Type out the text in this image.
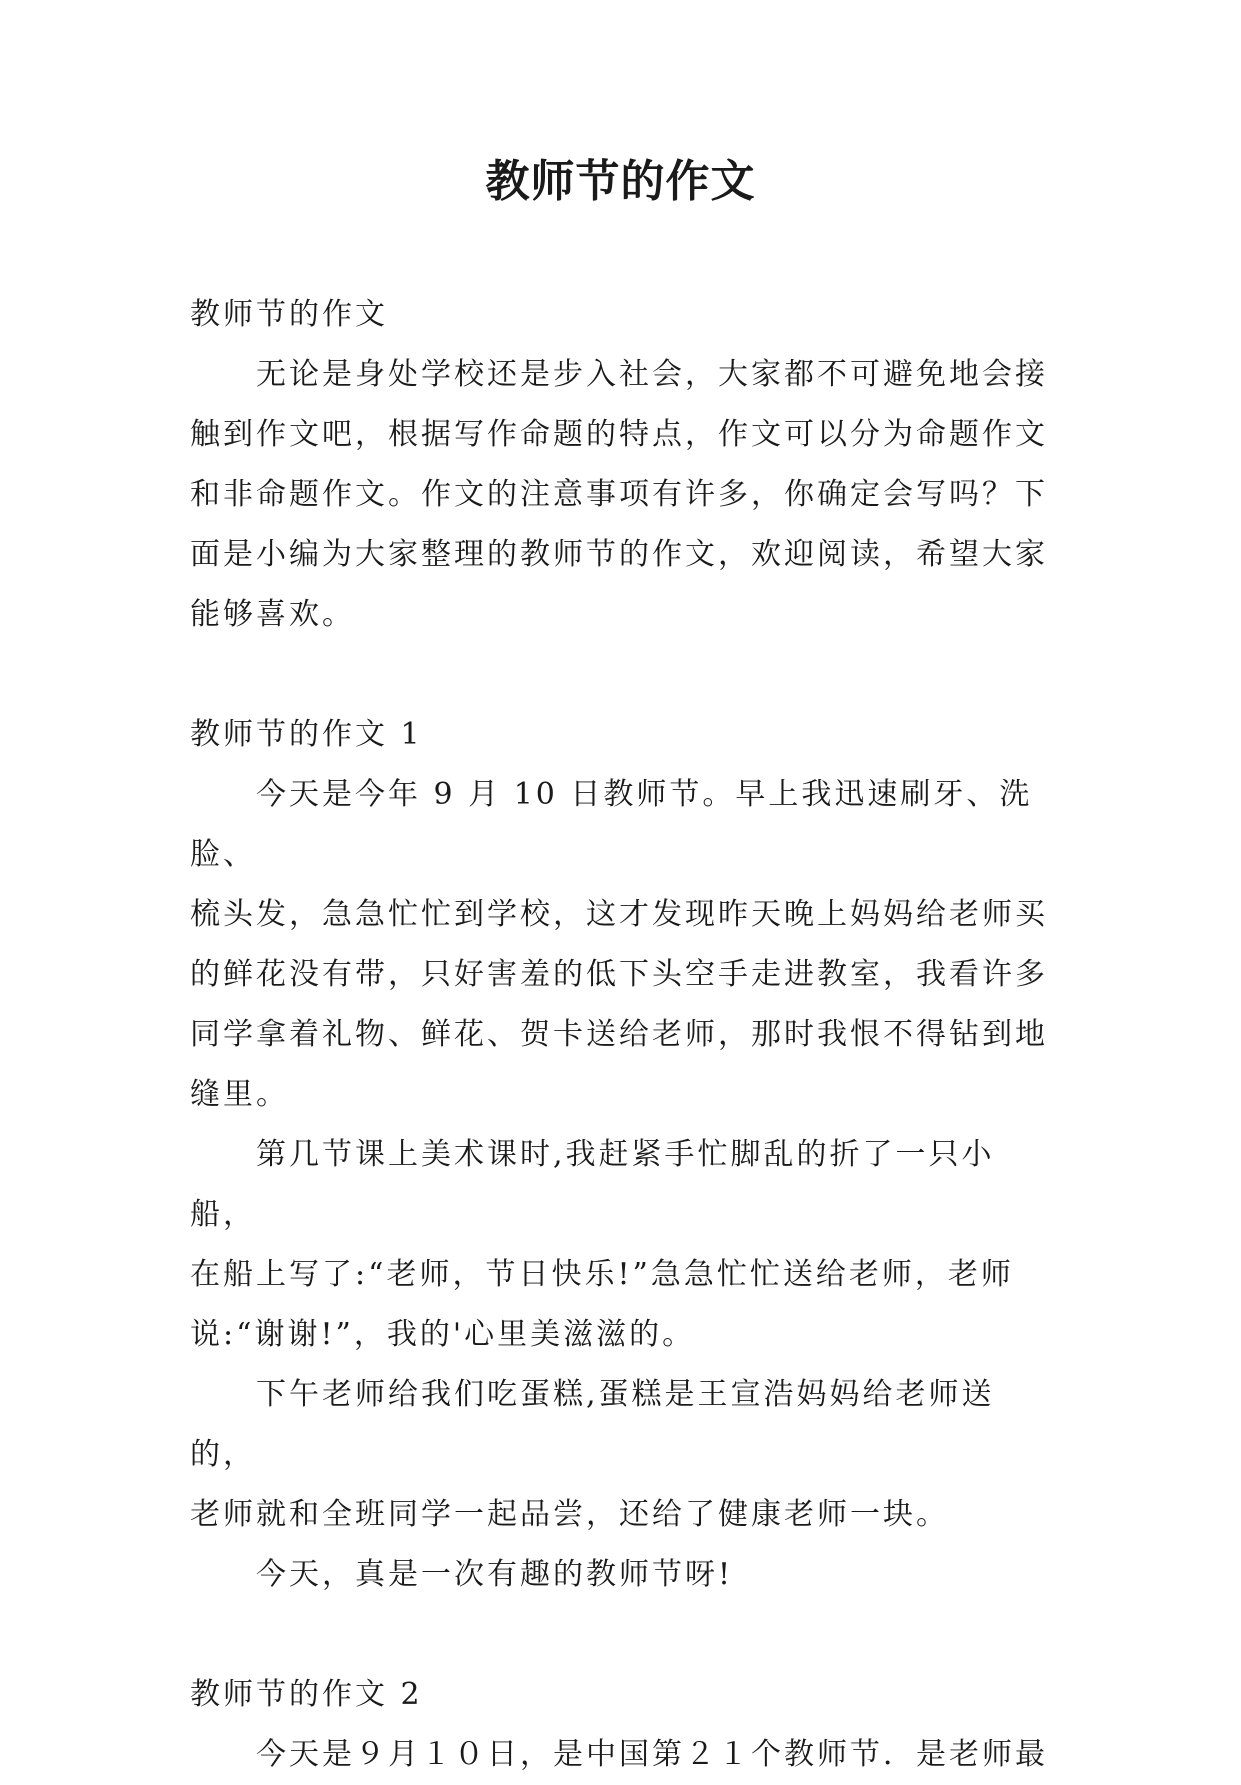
教师节的作文
教师节的作文

无论是身处学校还是步入社会，大家都不可避免地会接
触到作文吧，根据写作命题的特点，作文可以分为命题作文
和非命题作文。作文的注意事项有许多，你确定会写吗？下
面是小编为大家整理的教师节的作文，欢迎阅读，希望大家
能够喜欢。

教师节的作文 1

今天是今年 9 月 10 日教师节。早上我迅速刷牙、洗脸、
梳头发，急急忙忙到学校，这才发现昨天晚上妈妈给老师买
的鲜花没有带，只好害羞的低下头空手走进教室，我看许多
同学拿着礼物、鲜花、贺卡送给老师，那时我恨不得钻到地
缝里。

第几节课上美术课时,我赶紧手忙脚乱的折了一只小船，
在船上写了:“老师，节日快乐!”急急忙忙送给老师，老师
说:“谢谢!”，我的'心里美滋滋的。

下午老师给我们吃蛋糕,蛋糕是王宣浩妈妈给老师送的，
老师就和全班同学一起品尝，还给了健康老师一块。

今天，真是一次有趣的教师节呀!

教师节的作文 2

今天是９月１０日，是中国第２１个教师节．是老师最
